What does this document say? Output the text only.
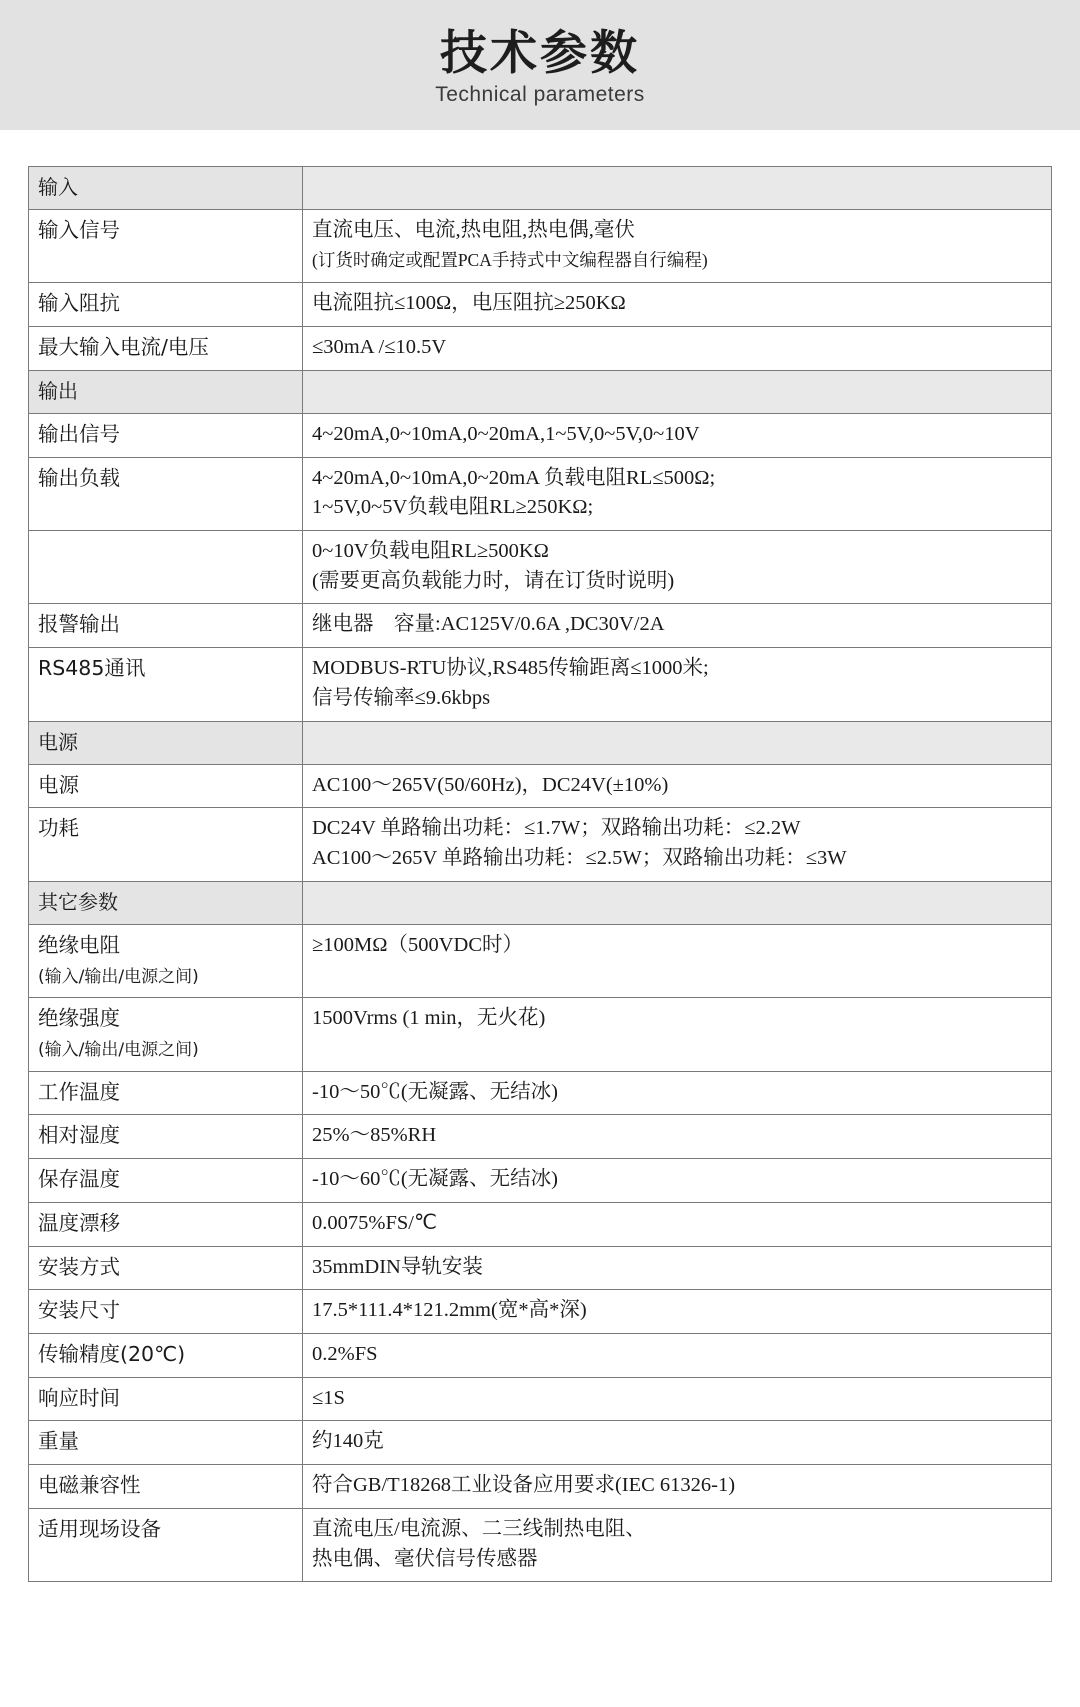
技术参数
Technical parameters
输入	
输入信号	直流电压、电流,热电阻,热电偶,毫伏
(订货时确定或配置PCA手持式中文编程器自行编程)
输入阻抗	电流阻抗≤100Ω，电压阻抗≥250KΩ
最大输入电流/电压	≤30mA /≤10.5V
输出	
输出信号	4~20mA,0~10mA,0~20mA,1~5V,0~5V,0~10V
输出负载	4~20mA,0~10mA,0~20mA 负载电阻RL≤500Ω;
1~5V,0~5V负载电阻RL≥250KΩ;
	0~10V负载电阻RL≥500KΩ
(需要更高负载能力时，请在订货时说明)
报警输出	继电器　容量:AC125V/0.6A ,DC30V/2A
RS485通讯	MODBUS-RTU协议,RS485传输距离≤1000米;
信号传输率≤9.6kbps
电源	
电源	AC100～265V(50/60Hz)，DC24V(±10%)
功耗	DC24V 单路输出功耗：≤1.7W；双路输出功耗：≤2.2W
AC100～265V 单路输出功耗：≤2.5W；双路输出功耗：≤3W
其它参数	
绝缘电阻
(输入/输出/电源之间)	≥100MΩ（500VDC时）
绝缘强度
(输入/输出/电源之间)	1500Vrms (1 min，无火花)
工作温度	-10～50℃(无凝露、无结冰)
相对湿度	25%～85%RH
保存温度	-10～60℃(无凝露、无结冰)
温度漂移	0.0075%FS/℃
安装方式	35mmDIN导轨安装
安装尺寸	17.5*111.4*121.2mm(宽*高*深)
传输精度(20℃)	0.2%FS
响应时间	≤1S
重量	约140克
电磁兼容性	符合GB/T18268工业设备应用要求(IEC 61326-1)
适用现场设备	直流电压/电流源、二三线制热电阻、
热电偶、毫伏信号传感器
